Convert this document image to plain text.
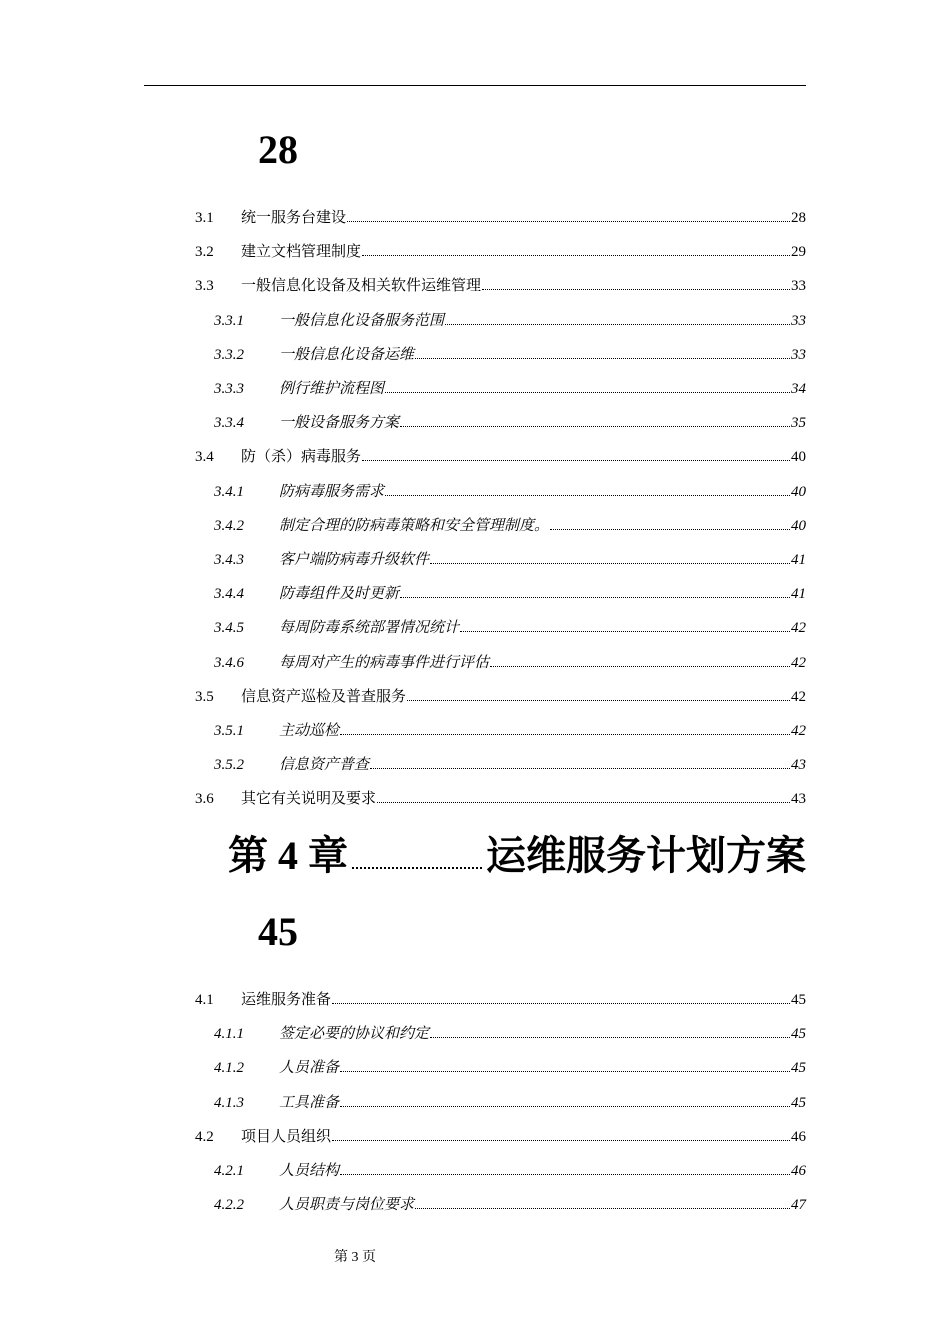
28
3.1	统一服务台建设	28
3.2	建立文档管理制度	29
3.3	一般信息化设备及相关软件运维管理	33
3.3.1	一般信息化设备服务范围	33
3.3.2	一般信息化设备运维	33
3.3.3	例行维护流程图	34
3.3.4	一般设备服务方案	35
3.4	防（杀）病毒服务	40
3.4.1	防病毒服务需求	40
3.4.2	制定合理的防病毒策略和安全管理制度。	40
3.4.3	客户端防病毒升级软件	41
3.4.4	防毒组件及时更新	41
3.4.5	每周防毒系统部署情况统计	42
3.4.6	每周对产生的病毒事件进行评估	42
3.5	信息资产巡检及普查服务	42
3.5.1	主动巡检	42
3.5.2	信息资产普查	43
3.6	其它有关说明及要求	43
第 4 章	运维服务计划方案
45
4.1	运维服务准备	45
4.1.1	签定必要的协议和约定	45
4.1.2	人员准备	45
4.1.3	工具准备	45
4.2	项目人员组织	46
4.2.1	人员结构	46
4.2.2	人员职责与岗位要求	47
第 3 页
